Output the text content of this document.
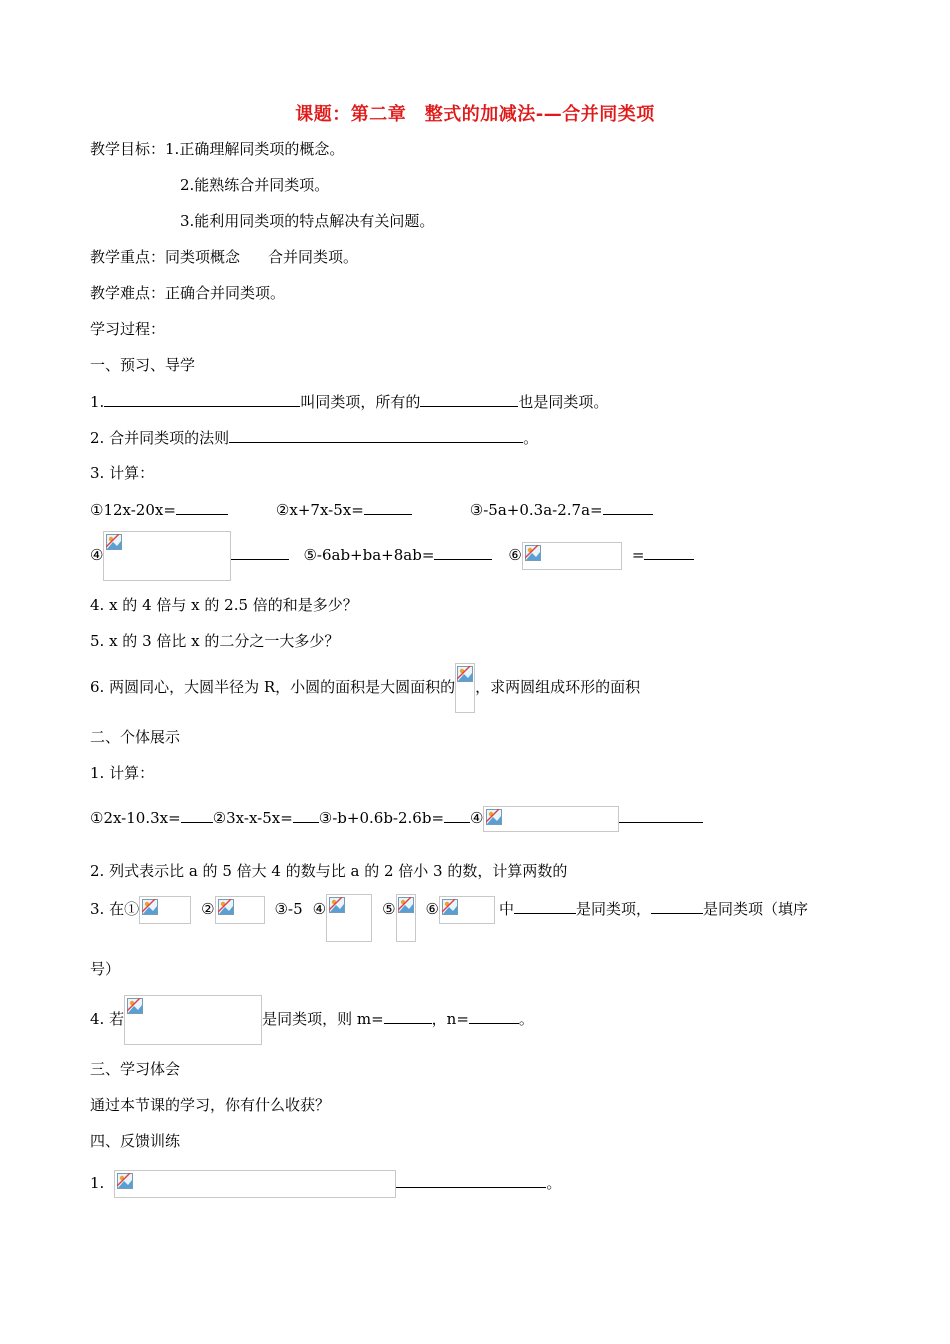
课题：第二章　整式的加减法-—合并同类项
教学目标：1.正确理解同类项的概念。
2.能熟练合并同类项。
3.能利用同类项的特点解决有关问题。
教学重点：同类项概念 合并同类项。
教学难点：正确合并同类项。
学习过程：
一、预习、导学
1.	叫同类项，所有的	也是同类项。
2. 合并同类项的法则	。
3. 计算：
①12x-20x=	②x+7x-5x=	③-5a+0.3a-2.7a=
④	⑤-6ab+ba+8ab=	⑥	=
4. x 的 4 倍与 x 的 2.5 倍的和是多少？
5. x 的 3 倍比 x 的二分之一大多少？
6. 两圆同心，大圆半径为 R，小圆的面积是大圆面积的 ，求两圆组成环形的面积
二、个体展示
1. 计算：
①2x-10.3x= ②3x-x-5x= ③-b+0.6b-2.6b= ④
2. 列式表示比 a 的 5 倍大 4 的数与比 a 的 2 倍小 3 的数，计算两数的
3. 在①	②	③-5 ④	⑤ ⑥	中	是同类项，	是同类项（填序
号）
4. 若	是同类项，则 m=	，n=	。
三、学习体会
通过本节课的学习，你有什么收获？
四、反馈训练
1.	。
